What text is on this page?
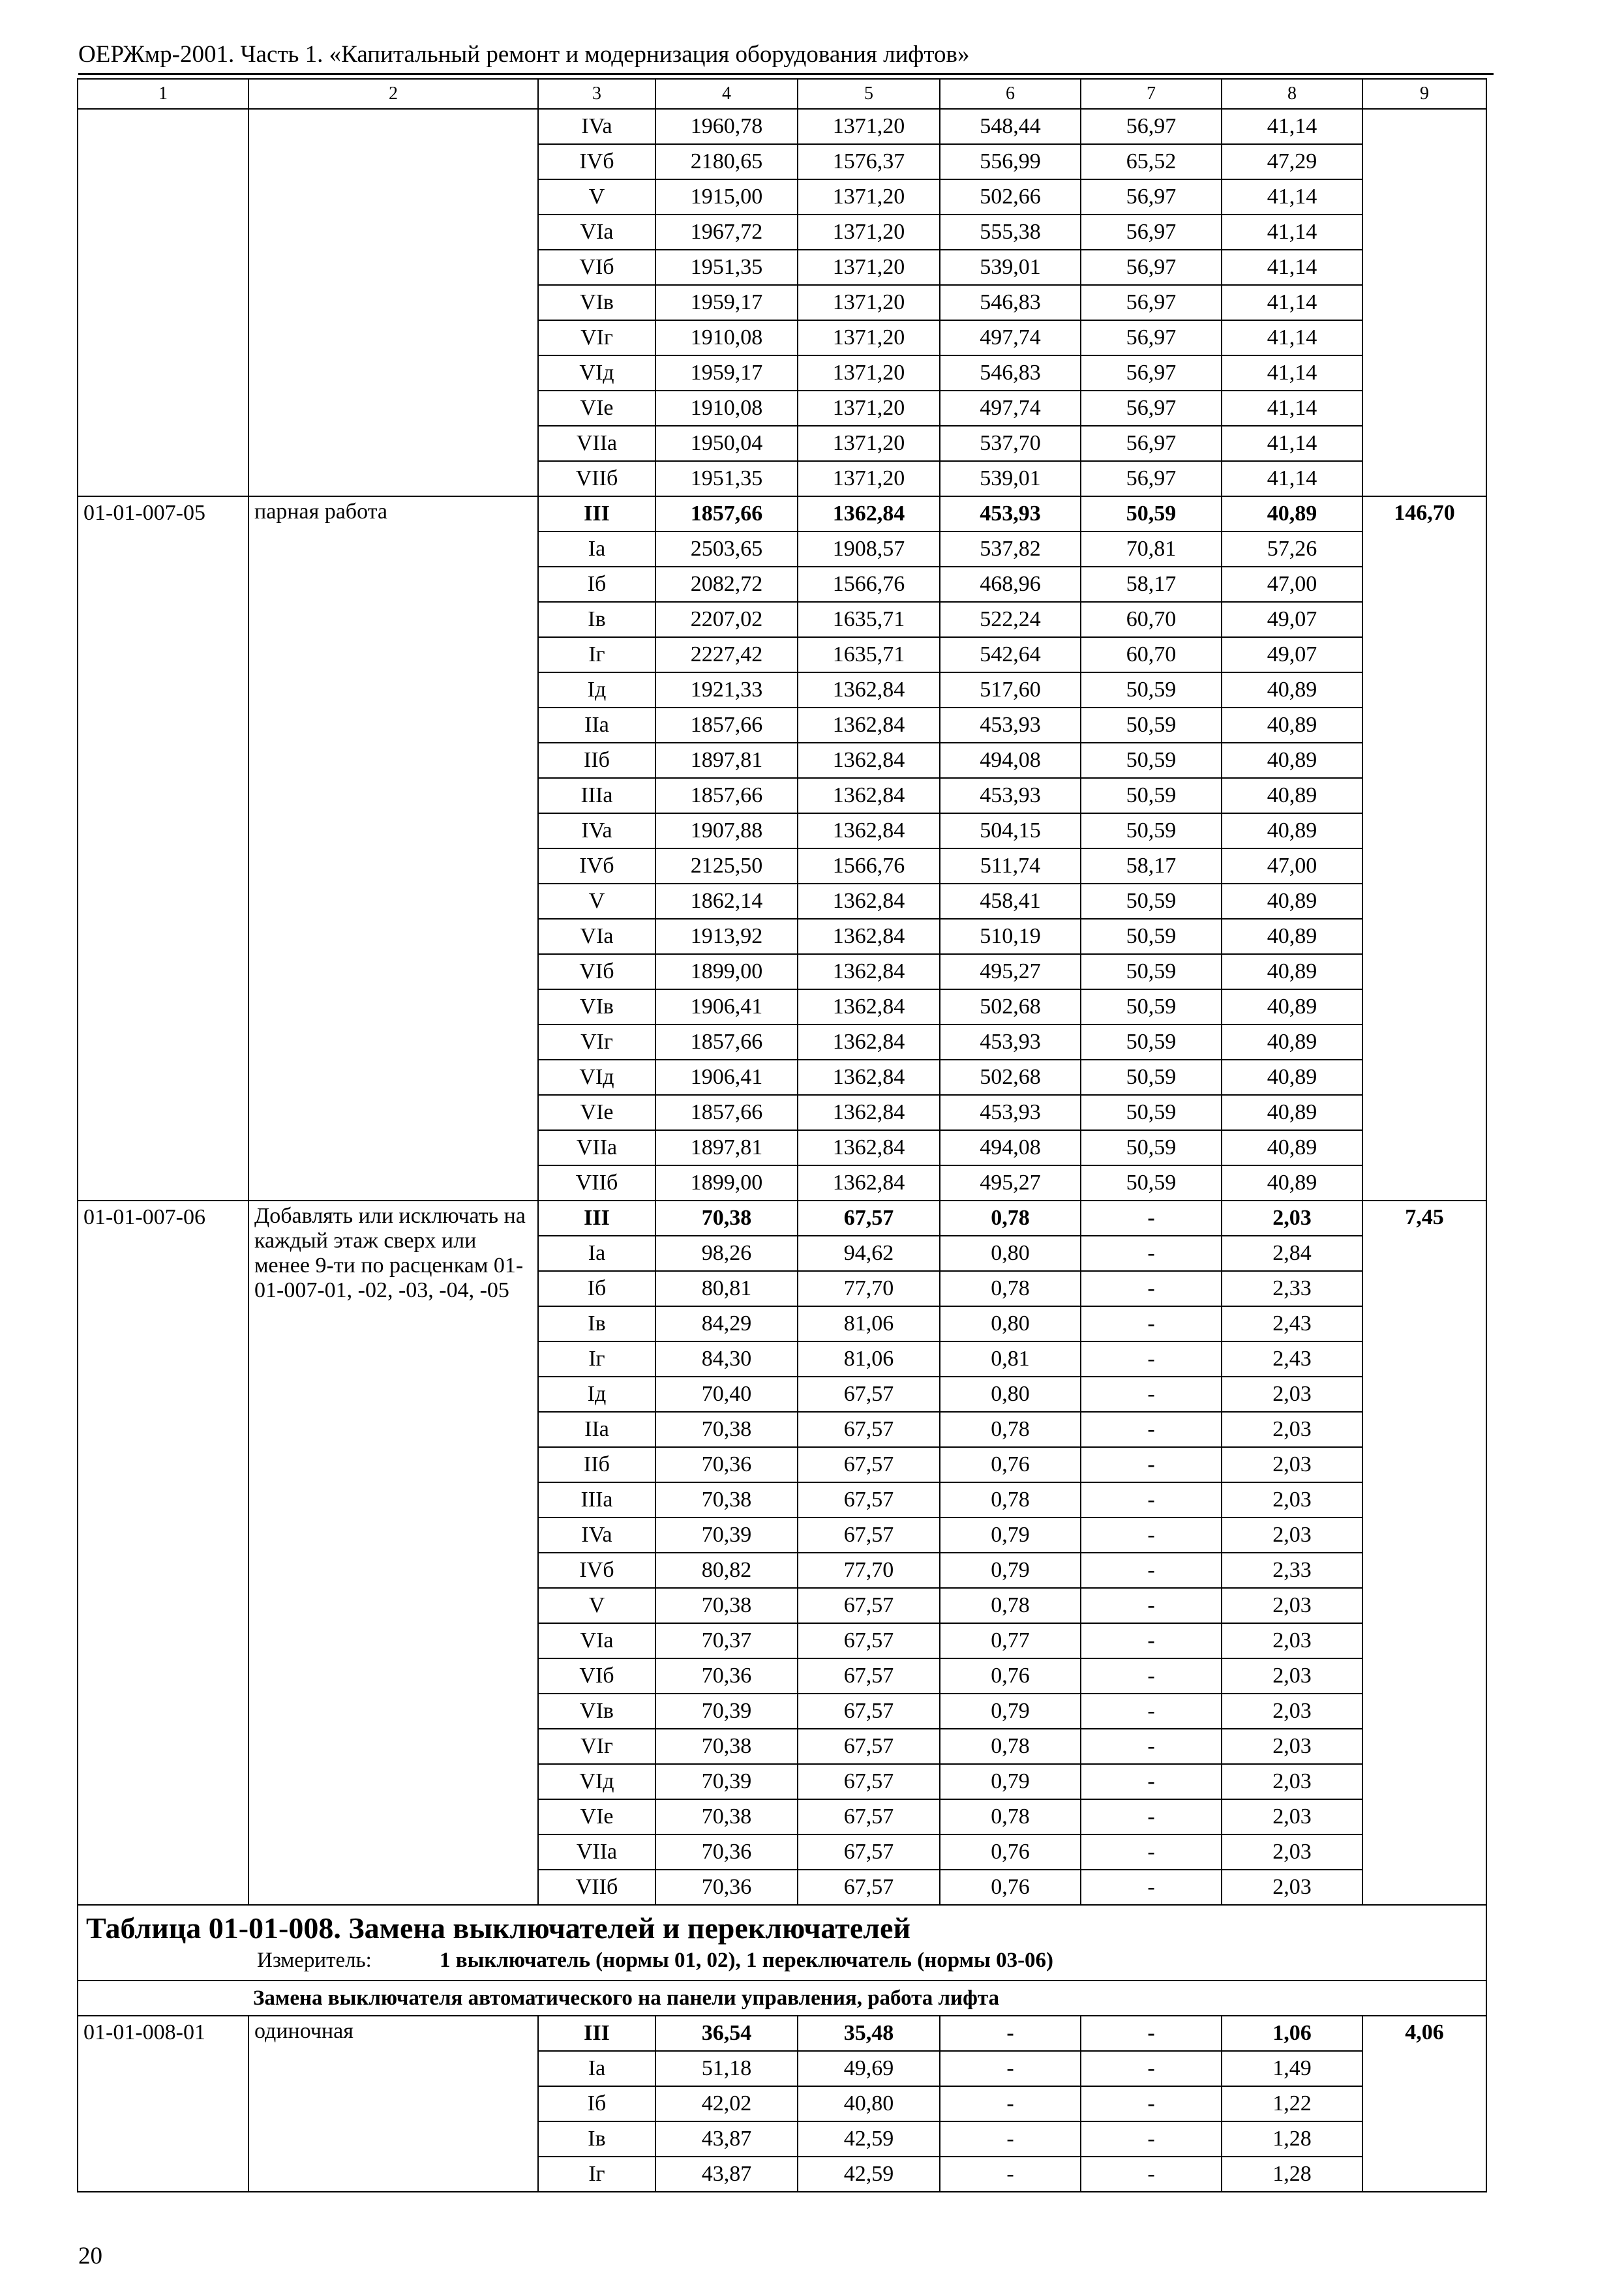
ОЕРЖмр-2001. Часть 1. «Капитальный ремонт и модернизация оборудования лифтов»
1	2	3	4	5	6	7	8	9
		IVa	1960,78	1371,20	548,44	56,97	41,14	
		IVб	2180,65	1576,37	556,99	65,52	47,29	
		V	1915,00	1371,20	502,66	56,97	41,14	
		VIa	1967,72	1371,20	555,38	56,97	41,14	
		VIб	1951,35	1371,20	539,01	56,97	41,14	
		VIв	1959,17	1371,20	546,83	56,97	41,14	
		VIг	1910,08	1371,20	497,74	56,97	41,14	
		VIд	1959,17	1371,20	546,83	56,97	41,14	
		VIe	1910,08	1371,20	497,74	56,97	41,14	
		VIIa	1950,04	1371,20	537,70	56,97	41,14	
		VIIб	1951,35	1371,20	539,01	56,97	41,14	
01-01-007-05	парная работа	III	1857,66	1362,84	453,93	50,59	40,89	146,70
		Ia	2503,65	1908,57	537,82	70,81	57,26	
		Iб	2082,72	1566,76	468,96	58,17	47,00	
		Iв	2207,02	1635,71	522,24	60,70	49,07	
		Iг	2227,42	1635,71	542,64	60,70	49,07	
		Iд	1921,33	1362,84	517,60	50,59	40,89	
		IIa	1857,66	1362,84	453,93	50,59	40,89	
		IIб	1897,81	1362,84	494,08	50,59	40,89	
		IIIa	1857,66	1362,84	453,93	50,59	40,89	
		IVa	1907,88	1362,84	504,15	50,59	40,89	
		IVб	2125,50	1566,76	511,74	58,17	47,00	
		V	1862,14	1362,84	458,41	50,59	40,89	
		VIa	1913,92	1362,84	510,19	50,59	40,89	
		VIб	1899,00	1362,84	495,27	50,59	40,89	
		VIв	1906,41	1362,84	502,68	50,59	40,89	
		VIг	1857,66	1362,84	453,93	50,59	40,89	
		VIд	1906,41	1362,84	502,68	50,59	40,89	
		VIe	1857,66	1362,84	453,93	50,59	40,89	
		VIIa	1897,81	1362,84	494,08	50,59	40,89	
		VIIб	1899,00	1362,84	495,27	50,59	40,89	
01-01-007-06	Добавлять или исключать на каждый этаж сверх или менее 9-ти по расценкам 01-01-007-01, -02, -03, -04, -05	III	70,38	67,57	0,78	-	2,03	7,45
		Ia	98,26	94,62	0,80	-	2,84	
		Iб	80,81	77,70	0,78	-	2,33	
		Iв	84,29	81,06	0,80	-	2,43	
		Iг	84,30	81,06	0,81	-	2,43	
		Iд	70,40	67,57	0,80	-	2,03	
		IIa	70,38	67,57	0,78	-	2,03	
		IIб	70,36	67,57	0,76	-	2,03	
		IIIa	70,38	67,57	0,78	-	2,03	
		IVa	70,39	67,57	0,79	-	2,03	
		IVб	80,82	77,70	0,79	-	2,33	
		V	70,38	67,57	0,78	-	2,03	
		VIa	70,37	67,57	0,77	-	2,03	
		VIб	70,36	67,57	0,76	-	2,03	
		VIв	70,39	67,57	0,79	-	2,03	
		VIг	70,38	67,57	0,78	-	2,03	
		VIд	70,39	67,57	0,79	-	2,03	
		VIe	70,38	67,57	0,78	-	2,03	
		VIIa	70,36	67,57	0,76	-	2,03	
		VIIб	70,36	67,57	0,76	-	2,03	

Таблица 01-01-008. Замена выключателей и переключателей
Измеритель: 1 выключатель (нормы 01, 02), 1 переключатель (нормы 03-06)								

Замена выключателя автоматического на панели управления, работа лифта								
01-01-008-01	одиночная	III	36,54	35,48	-	-	1,06	4,06
		Ia	51,18	49,69	-	-	1,49	
		Iб	42,02	40,80	-	-	1,22	
		Iв	43,87	42,59	-	-	1,28	
		Iг	43,87	42,59	-	-	1,28	
20
